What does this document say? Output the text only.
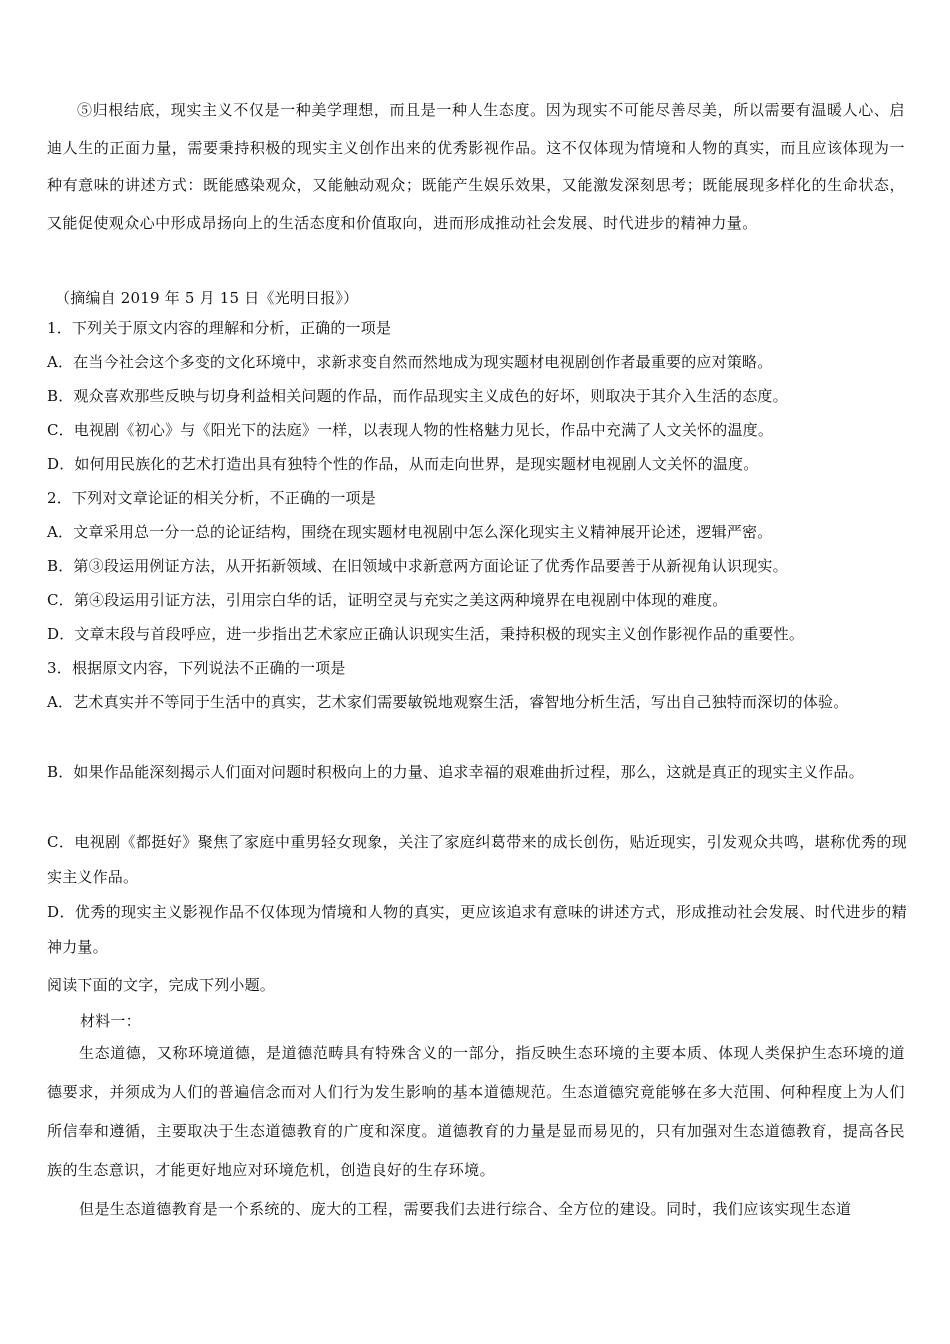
⑤归根结底，现实主义不仅是一种美学理想，而且是一种人生态度。因为现实不可能尽善尽美，所以需要有温暖人心、启迪人生的正面力量，需要秉持积极的现实主义创作出来的优秀影视作品。这不仅体现为情境和人物的真实，而且应该体现为一种有意味的讲述方式：既能感染观众，又能触动观众；既能产生娱乐效果，又能激发深刻思考；既能展现多样化的生命状态，又能促使观众心中形成昂扬向上的生活态度和价值取向，进而形成推动社会发展、时代进步的精神力量。

（摘编自 2019 年 5 月 15 日《光明日报》）

1．下列关于原文内容的理解和分析，正确的一项是

A．在当今社会这个多变的文化环境中，求新求变自然而然地成为现实题材电视剧创作者最重要的应对策略。

B．观众喜欢那些反映与切身利益相关问题的作品，而作品现实主义成色的好坏，则取决于其介入生活的态度。

C．电视剧《初心》与《阳光下的法庭》一样，以表现人物的性格魅力见长，作品中充满了人文关怀的温度。

D．如何用民族化的艺术打造出具有独特个性的作品，从而走向世界，是现实题材电视剧人文关怀的温度。

2．下列对文章论证的相关分析，不正确的一项是

A．文章采用总一分一总的论证结构，围绕在现实题材电视剧中怎么深化现实主义精神展开论述，逻辑严密。

B．第③段运用例证方法，从开拓新领域、在旧领域中求新意两方面论证了优秀作品要善于从新视角认识现实。

C．第④段运用引证方法，引用宗白华的话，证明空灵与充实之美这两种境界在电视剧中体现的难度。

D．文章末段与首段呼应，进一步指出艺术家应正确认识现实生活，秉持积极的现实主义创作影视作品的重要性。

3．根据原文内容，下列说法不正确的一项是

A．艺术真实并不等同于生活中的真实，艺术家们需要敏锐地观察生活，睿智地分析生活，写出自己独特而深切的体验。

B．如果作品能深刻揭示人们面对问题时积极向上的力量、追求幸福的艰难曲折过程，那么，这就是真正的现实主义作品。

C．电视剧《都挺好》聚焦了家庭中重男轻女现象，关注了家庭纠葛带来的成长创伤，贴近现实，引发观众共鸣，堪称优秀的现实主义作品。

D．优秀的现实主义影视作品不仅体现为情境和人物的真实，更应该追求有意味的讲述方式，形成推动社会发展、时代进步的精神力量。

阅读下面的文字，完成下列小题。

材料一：

生态道德，又称环境道德，是道德范畴具有特殊含义的一部分，指反映生态环境的主要本质、体现人类保护生态环境的道德要求，并须成为人们的普遍信念而对人们行为发生影响的基本道德规范。生态道德究竟能够在多大范围、何种程度上为人们所信奉和遵循，主要取决于生态道德教育的广度和深度。道德教育的力量是显而易见的，只有加强对生态道德教育，提高各民族的生态意识，才能更好地应对环境危机，创造良好的生存环境。

但是生态道德教育是一个系统的、庞大的工程，需要我们去进行综合、全方位的建设。同时，我们应该实现生态道
